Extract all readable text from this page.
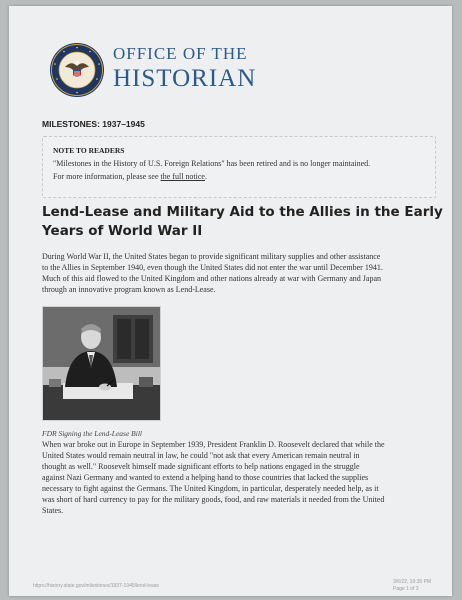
OFFICE OF THE
HISTORIAN
MILESTONES: 1937–1945
NOTE TO READERS
"Milestones in the History of U.S. Foreign Relations" has been retired and is no longer maintained.
For more information, please see the full notice.
Lend-Lease and Military Aid to the Allies in the Early
Years of World War II
During World War II, the United States began to provide significant military supplies and other assistance
to the Allies in September 1940, even though the United States did not enter the war until December 1941.
Much of this aid flowed to the United Kingdom and other nations already at war with Germany and Japan
through an innovative program known as Lend-Lease.
FDR Signing the Lend-Lease Bill
When war broke out in Europe in September 1939, President Franklin D. Roosevelt declared that while the
United States would remain neutral in law, he could "not ask that every American remain neutral in
thought as well." Roosevelt himself made significant efforts to help nations engaged in the struggle
against Nazi Germany and wanted to extend a helping hand to those countries that lacked the supplies
necessary to fight against the Germans. The United Kingdom, in particular, desperately needed help, as it
was short of hard currency to pay for the military goods, food, and raw materials it needed from the United
States.
https://history.state.gov/milestones/1937-1945/lend-lease
3/6/22, 10:35 PM
Page 1 of 3
